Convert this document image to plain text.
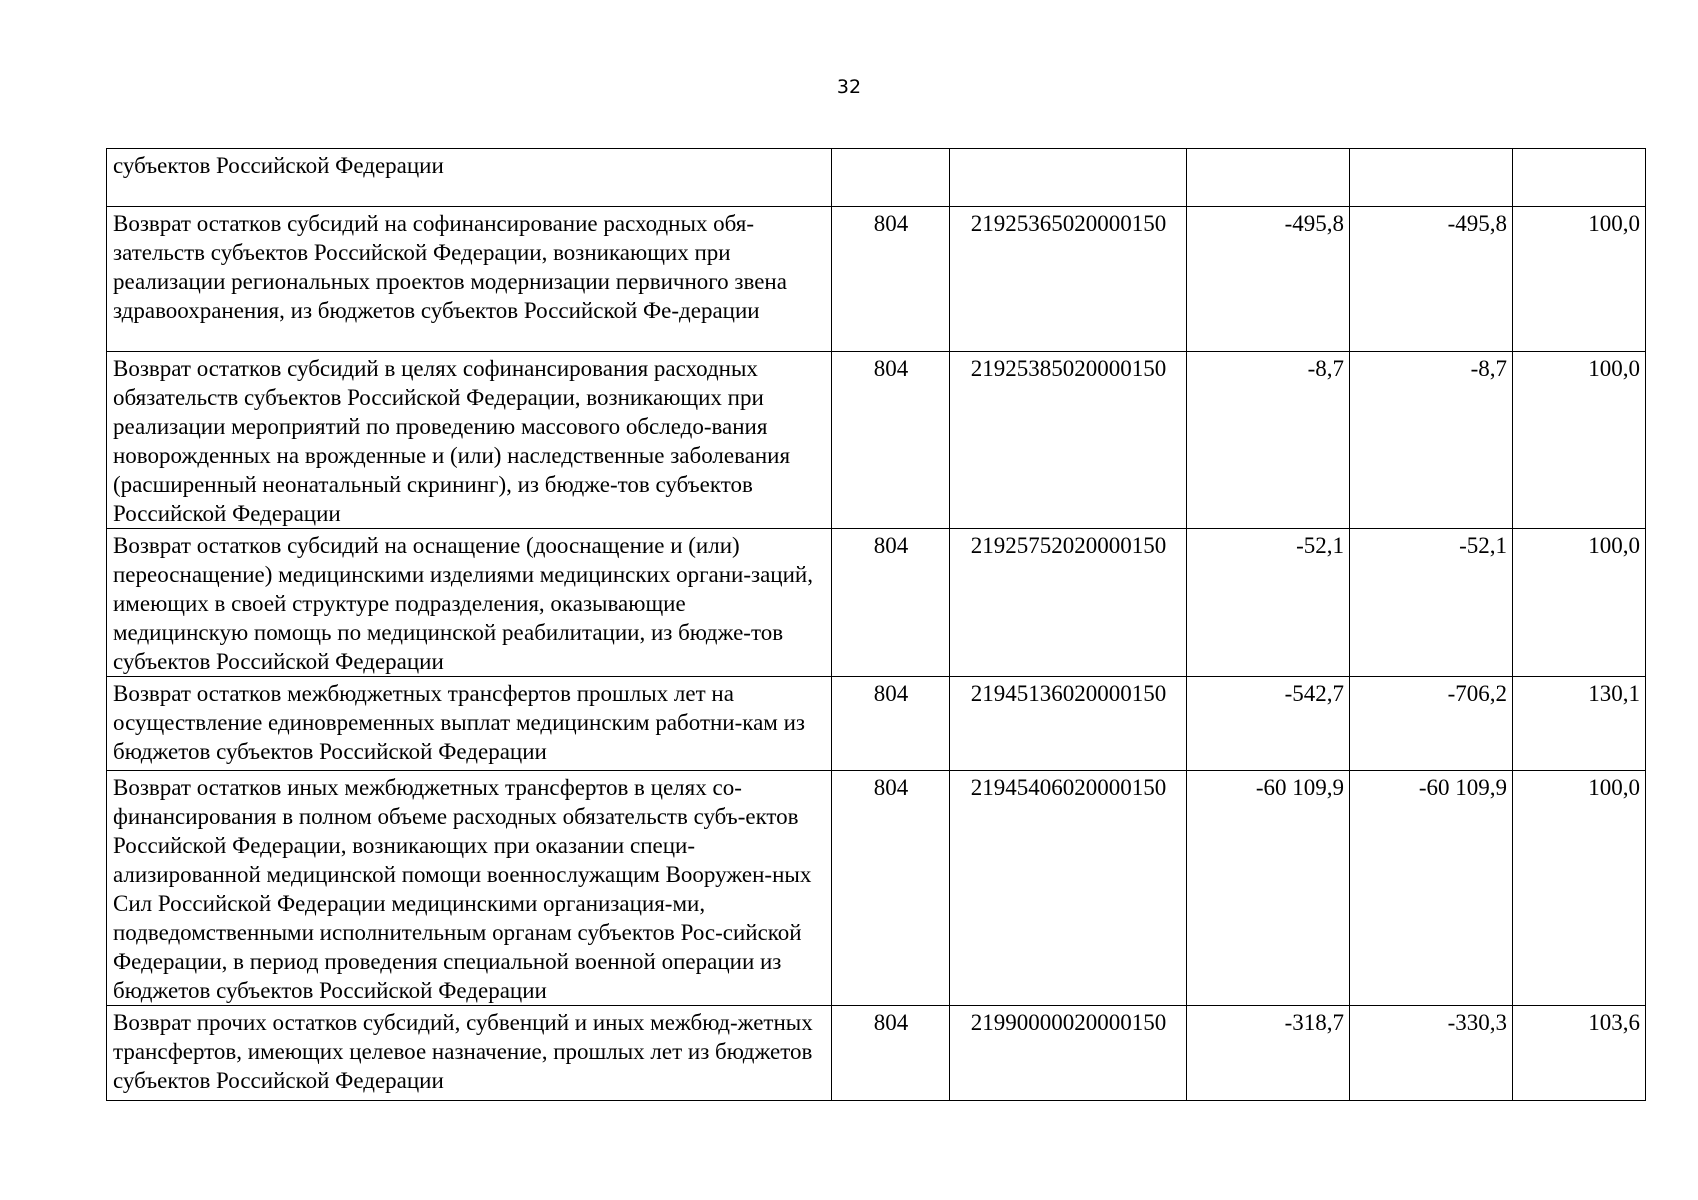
32
субъектов Российской Федерации					
Возврат остатков субсидий на софинансирование расходных обя-зательств субъектов Российской Федерации, возникающих при реализации региональных проектов модернизации первичного звена здравоохранения, из бюджетов субъектов Российской Фе-дерации	804	21925365020000150	-495,8	-495,8	100,0
Возврат остатков субсидий в целях софинансирования расходных обязательств субъектов Российской Федерации, возникающих при реализации мероприятий по проведению массового обследо-вания новорожденных на врожденные и (или) наследственные заболевания (расширенный неонатальный скрининг), из бюдже-тов субъектов Российской Федерации	804	21925385020000150	-8,7	-8,7	100,0
Возврат остатков субсидий на оснащение (дооснащение и (или) переоснащение) медицинскими изделиями медицинских органи-заций, имеющих в своей структуре подразделения, оказывающие медицинскую помощь по медицинской реабилитации, из бюдже-тов субъектов Российской Федерации	804	21925752020000150	-52,1	-52,1	100,0
Возврат остатков межбюджетных трансфертов прошлых лет на осуществление единовременных выплат медицинским работни-кам из бюджетов субъектов Российской Федерации	804	21945136020000150	-542,7	-706,2	130,1
Возврат остатков иных межбюджетных трансфертов в целях со-финансирования в полном объеме расходных обязательств субъ-ектов Российской Федерации, возникающих при оказании специ-ализированной медицинской помощи военнослужащим Вооружен-ных Сил Российской Федерации медицинскими организация-ми, подведомственными исполнительным органам субъектов Рос-сийской Федерации, в период проведения специальной военной операции из бюджетов субъектов Российской Федерации	804	21945406020000150	-60 109,9	-60 109,9	100,0
Возврат прочих остатков субсидий, субвенций и иных межбюд-жетных трансфертов, имеющих целевое назначение, прошлых лет из бюджетов субъектов Российской Федерации	804	21990000020000150	-318,7	-330,3	103,6
